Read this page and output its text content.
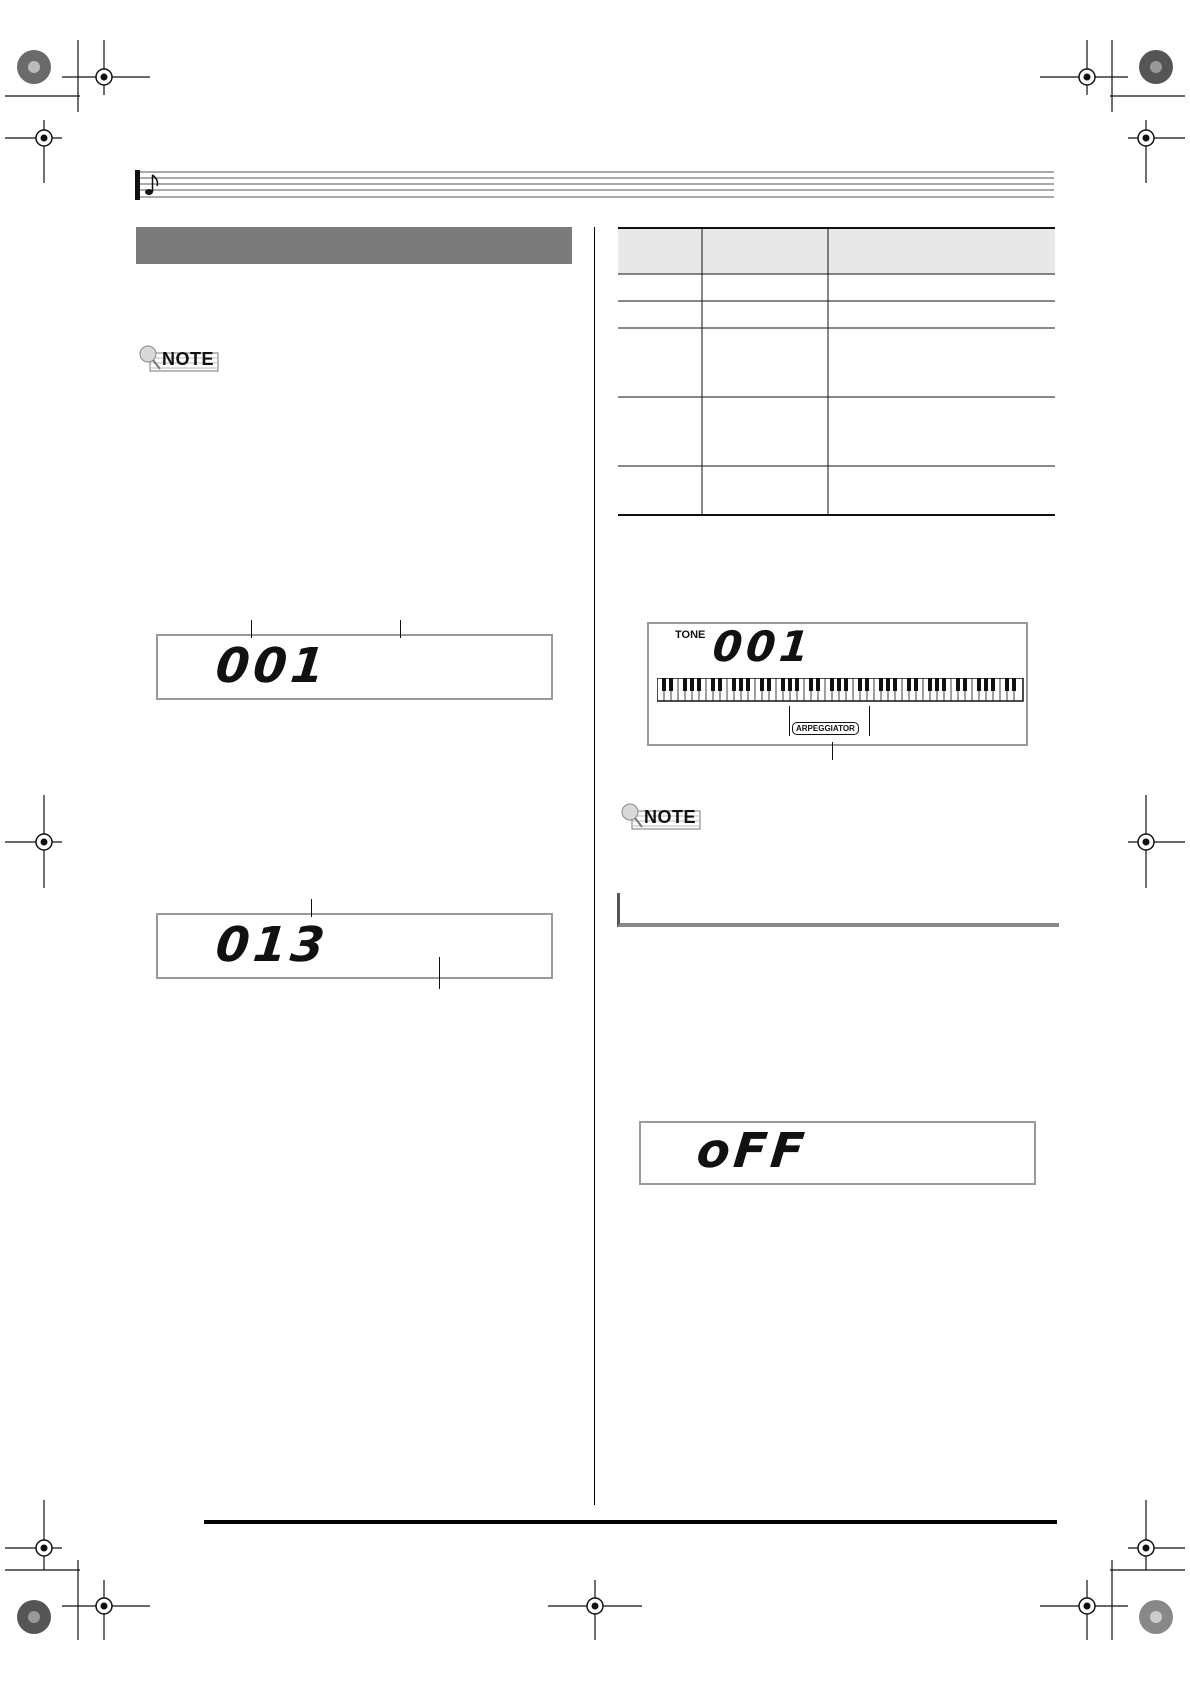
NOTE
001
013
TONE 001
ARPEGGIATOR
NOTE
oFF
